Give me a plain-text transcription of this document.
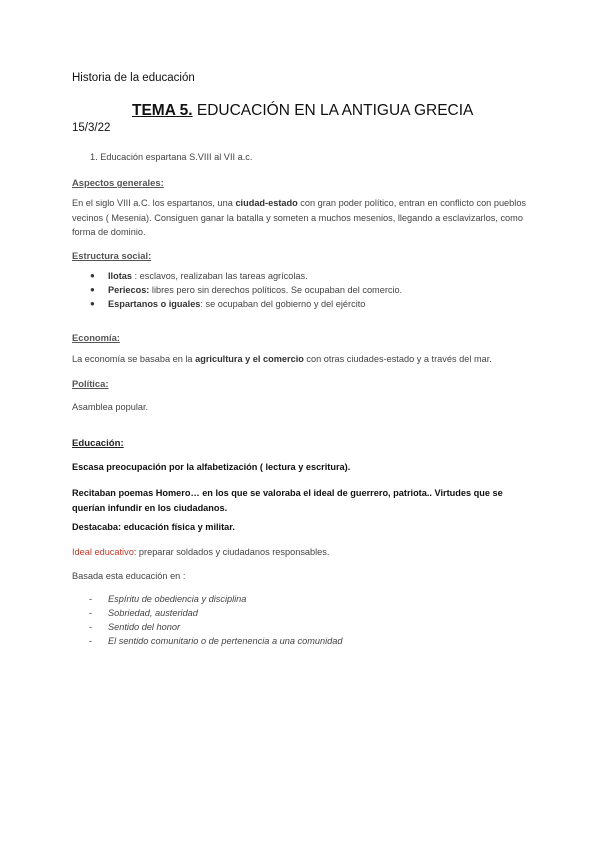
Historia de la educación
TEMA 5. EDUCACIÓN EN LA ANTIGUA GRECIA
15/3/22
1. Educación espartana S.VIII al VII a.c.
Aspectos generales:
En el siglo VIII a.C. los espartanos, una ciudad-estado con gran poder político, entran en conflicto con pueblos vecinos ( Mesenia). Consiguen ganar la batalla y someten a muchos mesenios, llegando a esclavizarlos, como forma de dominio.
Estructura social:
● Ilotas : esclavos, realizaban las tareas agrícolas.
● Periecos: libres pero sin derechos políticos. Se ocupaban del comercio.
● Espartanos o iguales: se ocupaban del gobierno y del ejército
Economía:
La economía se basaba en la agricultura y el comercio con otras ciudades-estado y a través del mar.
Política:
Asamblea popular.
Educación:
Escasa preocupación por la alfabetización ( lectura y escritura).
Recitaban poemas Homero… en los que se valoraba el ideal de guerrero, patriota.. Virtudes que se querían infundir en los ciudadanos.
Destacaba: educación física y militar.
Ideal educativo: preparar soldados y ciudadanos responsables.
Basada esta educación en :
- Espíritu de obediencia y disciplina
- Sobriedad, austeridad
- Sentido del honor
- El sentido comunitario o de pertenencia a una comunidad
